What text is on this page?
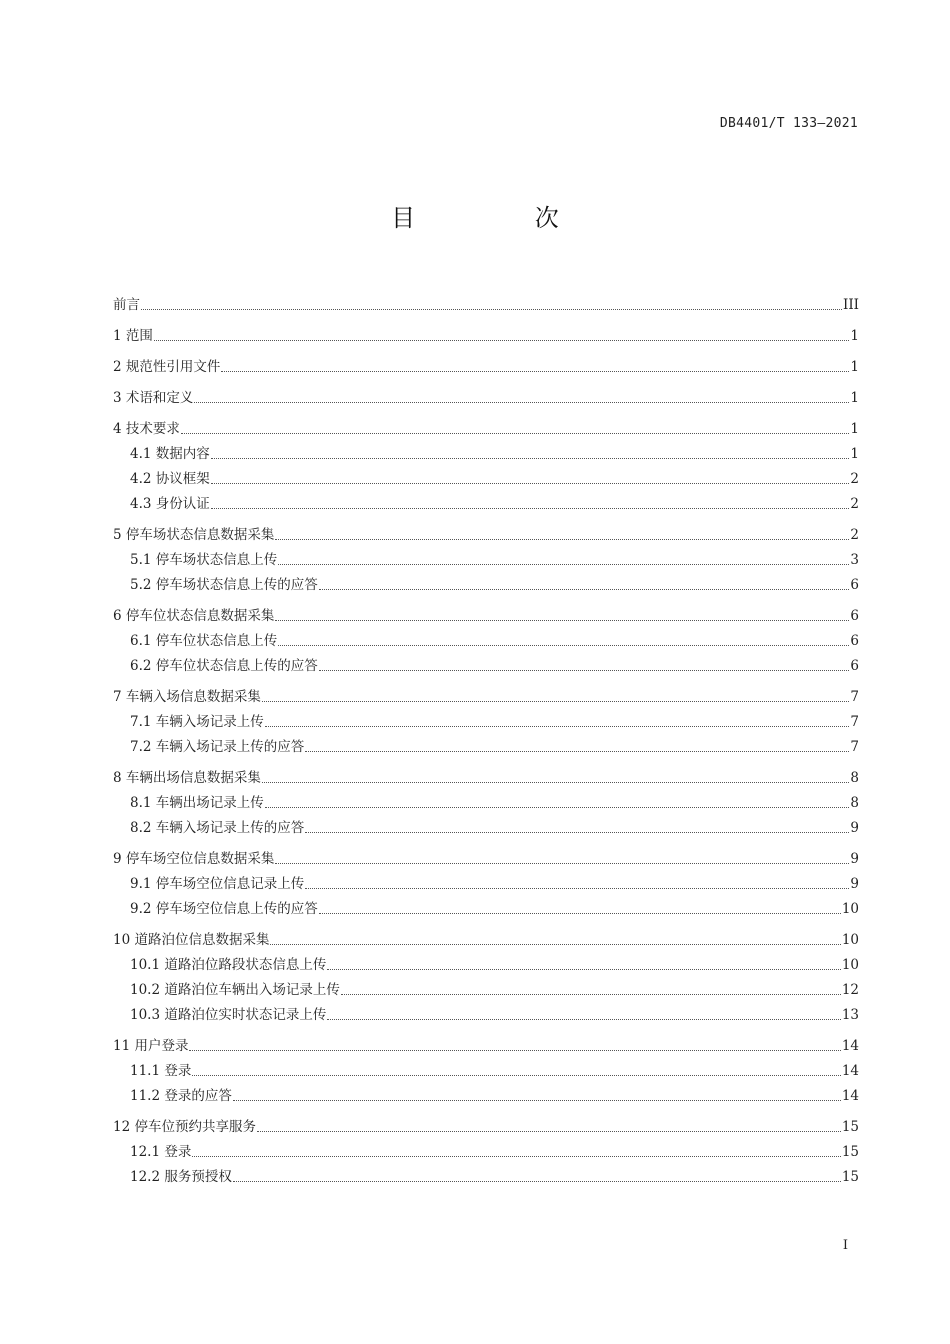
DB4401/T 133—2021
目 次
前言	III
1 范围	1
2 规范性引用文件	1
3 术语和定义	1
4 技术要求	1
4.1 数据内容	1
4.2 协议框架	2
4.3 身份认证	2
5 停车场状态信息数据采集	2
5.1 停车场状态信息上传	3
5.2 停车场状态信息上传的应答	6
6 停车位状态信息数据采集	6
6.1 停车位状态信息上传	6
6.2 停车位状态信息上传的应答	6
7 车辆入场信息数据采集	7
7.1 车辆入场记录上传	7
7.2 车辆入场记录上传的应答	7
8 车辆出场信息数据采集	8
8.1 车辆出场记录上传	8
8.2 车辆入场记录上传的应答	9
9 停车场空位信息数据采集	9
9.1 停车场空位信息记录上传	9
9.2 停车场空位信息上传的应答	10
10 道路泊位信息数据采集	10
10.1 道路泊位路段状态信息上传	10
10.2 道路泊位车辆出入场记录上传	12
10.3 道路泊位实时状态记录上传	13
11 用户登录	14
11.1 登录	14
11.2 登录的应答	14
12 停车位预约共享服务	15
12.1 登录	15
12.2 服务预授权	15
I
